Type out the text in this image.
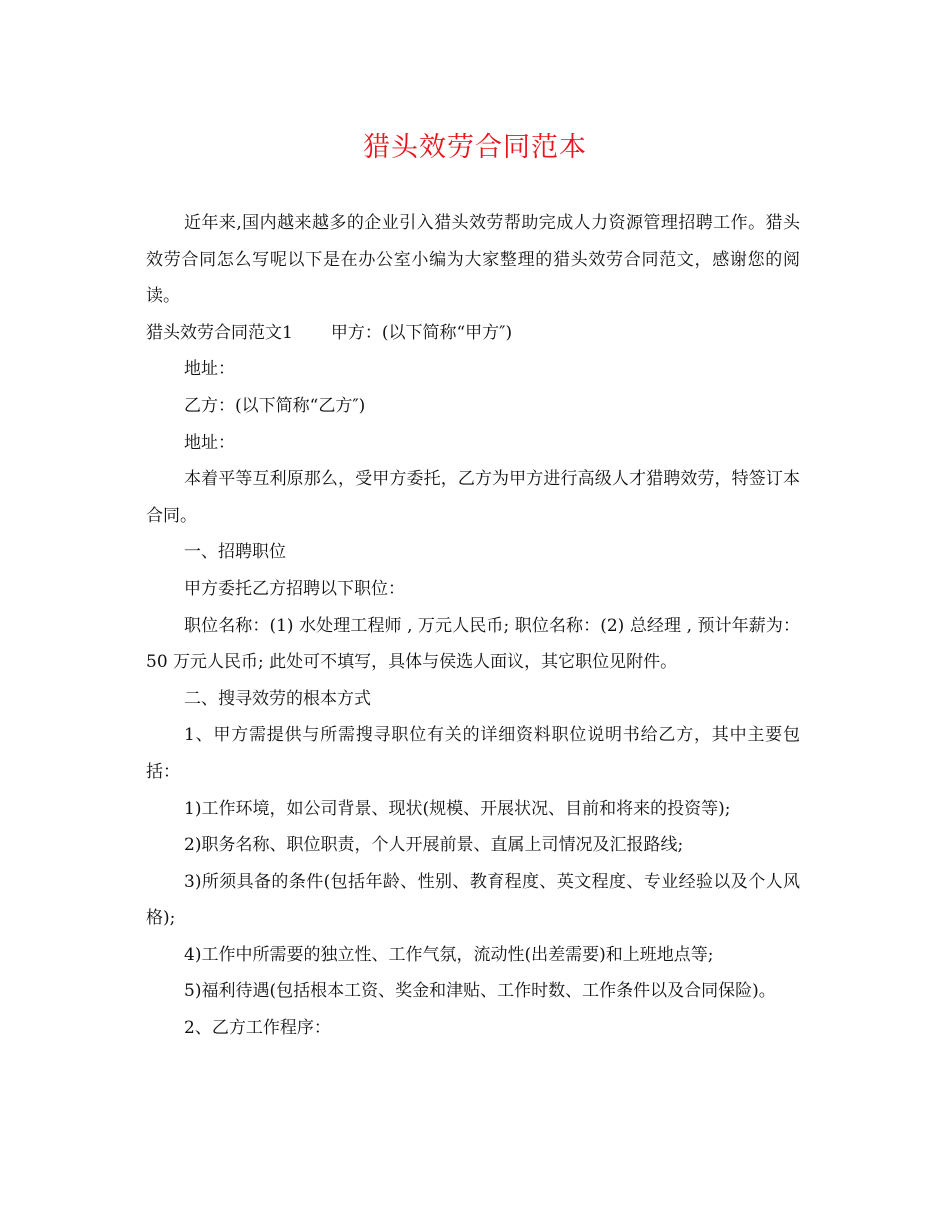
猎头效劳合同范本

近年来,国内越来越多的企业引入猎头效劳帮助完成人力资源管理招聘工作。猎头效劳合同怎么写呢以下是在办公室小编为大家整理的猎头效劳合同范文，感谢您的阅读。

猎头效劳合同范文1 甲方：(以下简称“甲方″)

地址：

乙方：(以下简称“乙方″)

地址：

本着平等互利原那么，受甲方委托，乙方为甲方进行高级人才猎聘效劳，特签订本合同。

一、招聘职位

甲方委托乙方招聘以下职位：

职位名称：(1) 水处理工程师 , 万元人民币; 职位名称：(2) 总经理 , 预计年薪为： 50 万元人民币; 此处可不填写，具体与侯选人面议，其它职位见附件。

二、搜寻效劳的根本方式

1、甲方需提供与所需搜寻职位有关的详细资料职位说明书给乙方，其中主要包括：

1)工作环境，如公司背景、现状(规模、开展状况、目前和将来的投资等);

2)职务名称、职位职责，个人开展前景、直属上司情况及汇报路线;

3)所须具备的条件(包括年龄、性别、教育程度、英文程度、专业经验以及个人风格);

4)工作中所需要的独立性、工作气氛，流动性(出差需要)和上班地点等;

5)福利待遇(包括根本工资、奖金和津贴、工作时数、工作条件以及合同保险)。

2、乙方工作程序：
